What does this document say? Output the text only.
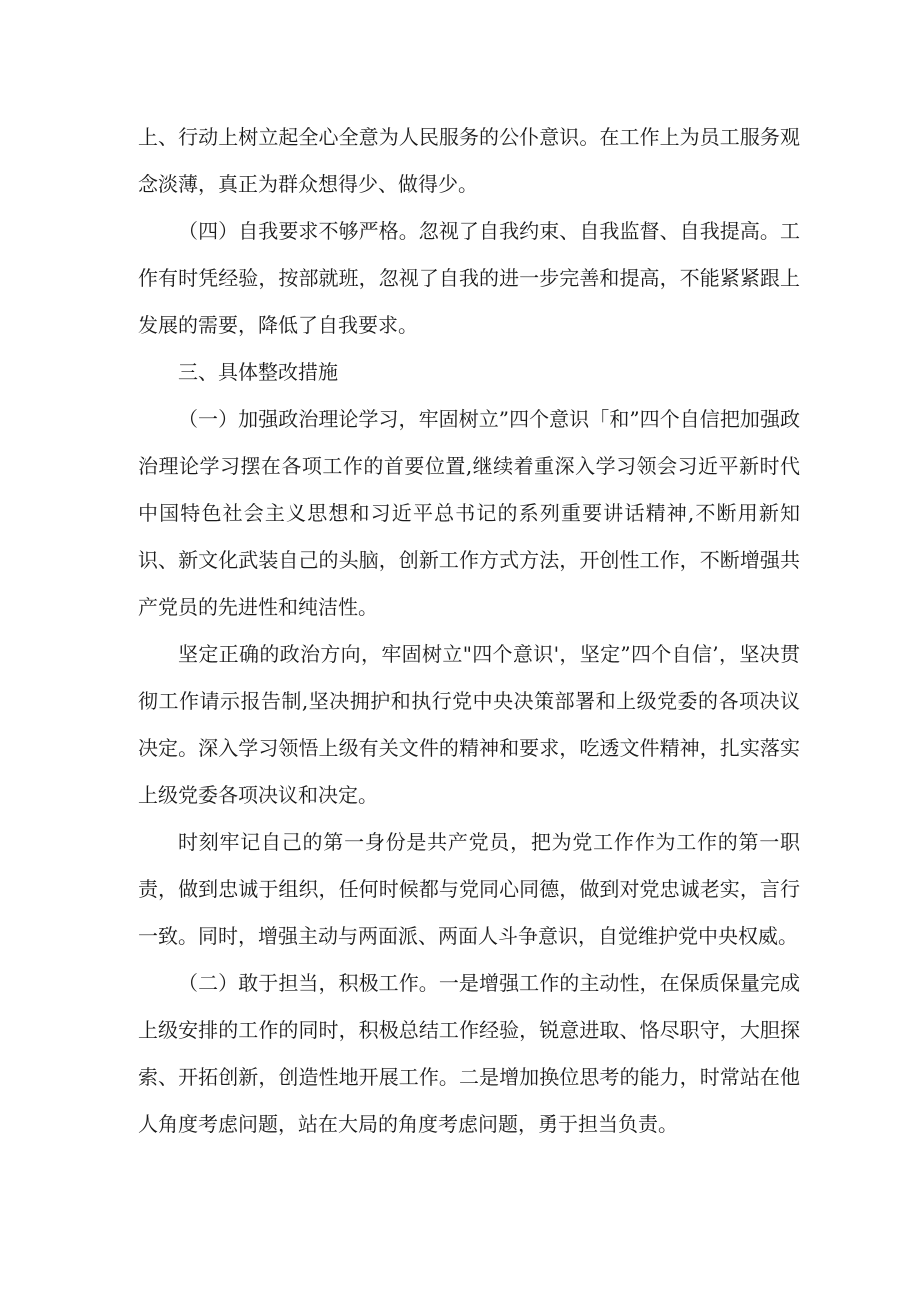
上、行动上树立起全心全意为人民服务的公仆意识。在工作上为员工服务观念淡薄，真正为群众想得少、做得少。

（四）自我要求不够严格。忽视了自我约束、自我监督、自我提高。工作有时凭经验，按部就班，忽视了自我的进一步完善和提高，不能紧紧跟上发展的需要，降低了自我要求。

三、具体整改措施

（一）加强政治理论学习，牢固树立”四个意识「和”四个自信把加强政治理论学习摆在各项工作的首要位置,继续着重深入学习领会习近平新时代中国特色社会主义思想和习近平总书记的系列重要讲话精神,不断用新知识、新文化武装自己的头脑，创新工作方式方法，开创性工作，不断增强共产党员的先进性和纯洁性。

坚定正确的政治方向，牢固树立"四个意识'，坚定”四个自信’，坚决贯彻工作请示报告制,坚决拥护和执行党中央决策部署和上级党委的各项决议决定。深入学习领悟上级有关文件的精神和要求，吃透文件精神，扎实落实上级党委各项决议和决定。

时刻牢记自己的第一身份是共产党员，把为党工作作为工作的第一职责，做到忠诚于组织，任何时候都与党同心同德，做到对党忠诚老实，言行一致。同时，增强主动与两面派、两面人斗争意识，自觉维护党中央权威。

（二）敢于担当，积极工作。一是增强工作的主动性，在保质保量完成上级安排的工作的同时，积极总结工作经验，锐意进取、恪尽职守，大胆探索、开拓创新，创造性地开展工作。二是增加换位思考的能力，时常站在他人角度考虑问题，站在大局的角度考虑问题，勇于担当负责。
